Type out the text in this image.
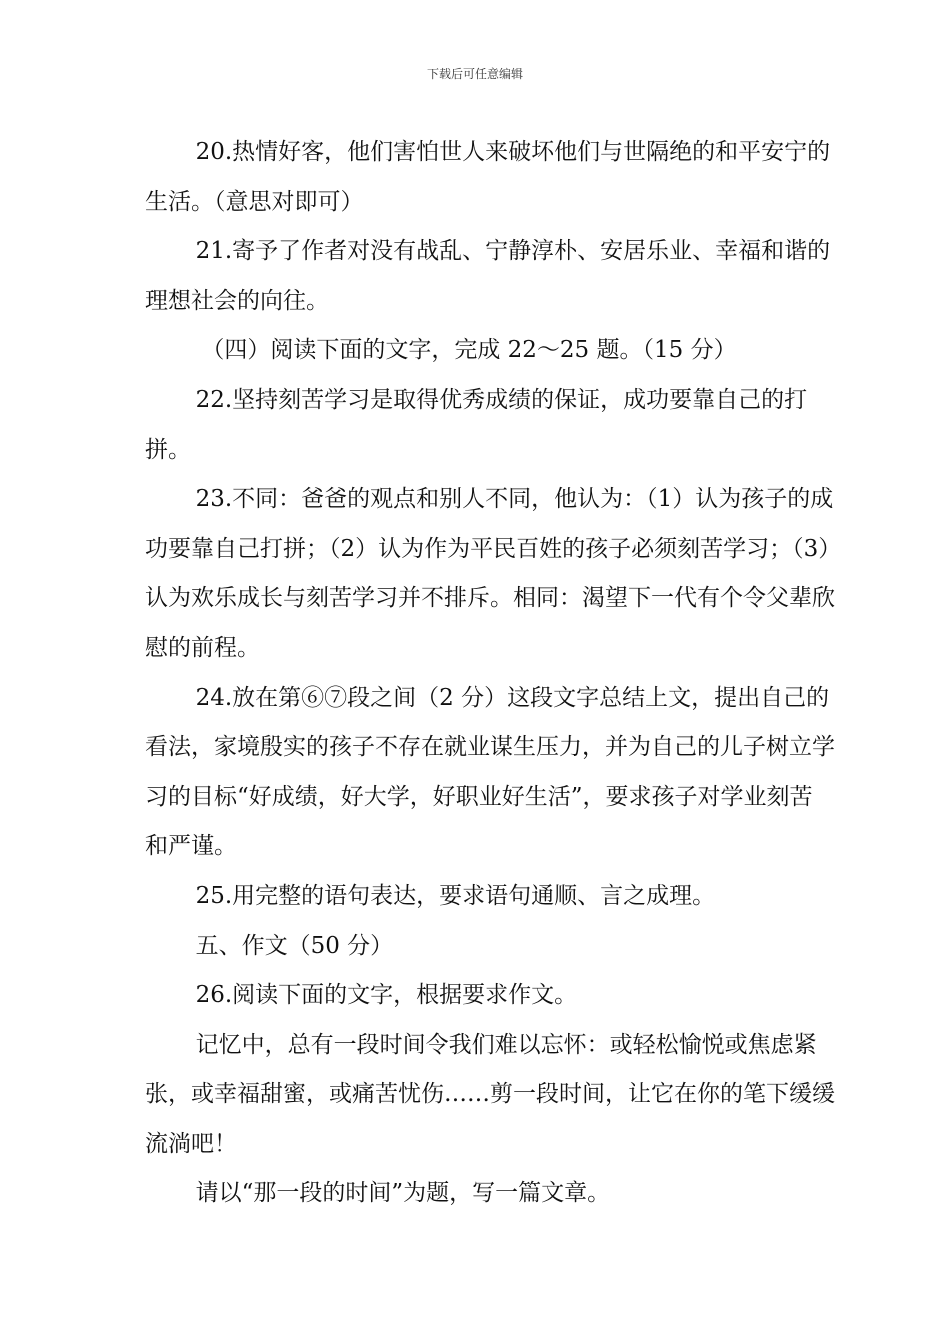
下载后可任意编辑

20.热情好客，他们害怕世人来破坏他们与世隔绝的和平安宁的生活。（意思对即可）

21.寄予了作者对没有战乱、宁静淳朴、安居乐业、幸福和谐的理想社会的向往。

（四）阅读下面的文字，完成 22～25 题。（15 分）

22.坚持刻苦学习是取得优秀成绩的保证，成功要靠自己的打拼。

23.不同：爸爸的观点和别人不同，他认为：（1）认为孩子的成功要靠自己打拼；（2）认为作为平民百姓的孩子必须刻苦学习；（3）认为欢乐成长与刻苦学习并不排斥。相同：渴望下一代有个令父辈欣慰的前程。

24.放在第⑥⑦段之间（2 分）这段文字总结上文，提出自己的看法，家境殷实的孩子不存在就业谋生压力，并为自己的儿子树立学习的目标“好成绩，好大学，好职业好生活”，要求孩子对学业刻苦和严谨。

25.用完整的语句表达，要求语句通顺、言之成理。

五、作文（50 分）

26.阅读下面的文字，根据要求作文。

记忆中，总有一段时间令我们难以忘怀：或轻松愉悦或焦虑紧张，或幸福甜蜜，或痛苦忧伤……剪一段时间，让它在你的笔下缓缓流淌吧！

请以“那一段的时间”为题，写一篇文章。
